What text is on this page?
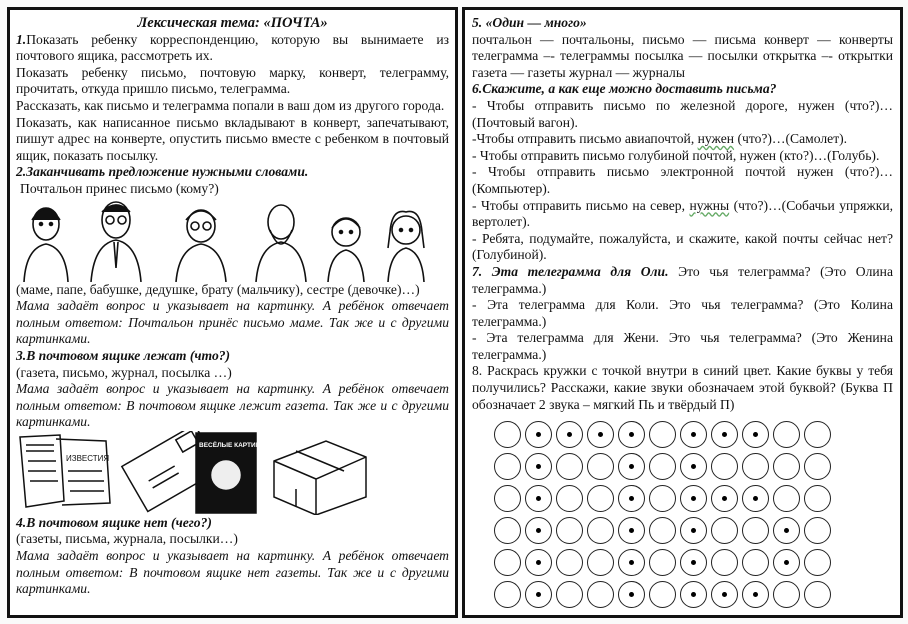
Лексическая тема: «ПОЧТА»

1.Показать ребенку корреспонденцию, которую вы вынимаете из почтового ящика, рассмотреть их.

Показать ребенку письмо, почтовую марку, конверт, телеграмму, прочитать, откуда пришло письмо, телеграмма.

Рассказать, как письмо и телеграмма попали в ваш дом из другого города.

Показать, как написанное письмо вкладывают в конверт, запечатывают, пишут адрес на конверте, опустить письмо вместе с ребенком в почтовый ящик, показать посылку.

2.Заканчивать предложение нужными словами.

Почтальон принес письмо (кому?)

(маме, папе, бабушке, дедушке, брату (мальчику), сестре (девочке)…)

Мама задаёт вопрос и указывает на картинку. А ребёнок отвечает полным ответом: Почтальон принёс письмо маме. Так же и с другими картинками.

3.В почтовом ящике лежат (что?)

(газета, письмо, журнал, посылка …)

Мама задаёт вопрос и указывает на картинку. А ребёнок отвечает полным ответом: В почтовом ящике лежит газета. Так же и с другими картинками.

ИЗВЕСТИЯ
ВЕСЁЛЫЕ КАРТИНКИ

4.В почтовом ящике нет (чего?)

(газеты, письма, журнала, посылки…)

Мама задаёт вопрос и указывает на картинку. А ребёнок отвечает полным ответом: В почтовом ящике нет газеты. Так же и с другими картинками.

5. «Один — много»

почтальон — почтальоны, письмо — письма конверт — конверты телеграмма –- телеграммы посылка — посылки открытка –- открытки газета — газеты журнал — журналы

6.Скажите, а как еще можно доставить письма?

- Чтобы отправить письмо по железной дороге, нужен (что?)…(Почтовый вагон).

-Чтобы отправить письмо авиапочтой, нужен (что?)…(Самолет).

- Чтобы отправить письмо голубиной почтой, нужен (кто?)…(Голубь).

- Чтобы отправить письмо электронной почтой нужен (что?)…(Компьютер).

- Чтобы отправить письмо на север, нужны (что?)…(Собачьи упряжки, вертолет).

- Ребята, подумайте, пожалуйста, и скажите, какой почты сейчас нет? (Голубиной).

7. Эта телеграмма для Оли. Это чья телеграмма? (Это Олина телеграмма.)

- Эта телеграмма для Коли. Это чья телеграмма? (Это Колина телеграмма.)

- Эта телеграмма для Жени. Это чья телеграмма? (Это Женина телеграмма.)

8. Раскрась кружки с точкой внутри в синий цвет. Какие буквы у тебя получились? Расскажи, какие звуки обозначаем этой буквой? (Буква П обозначает 2 звука – мягкий Пь и твёрдый П)
